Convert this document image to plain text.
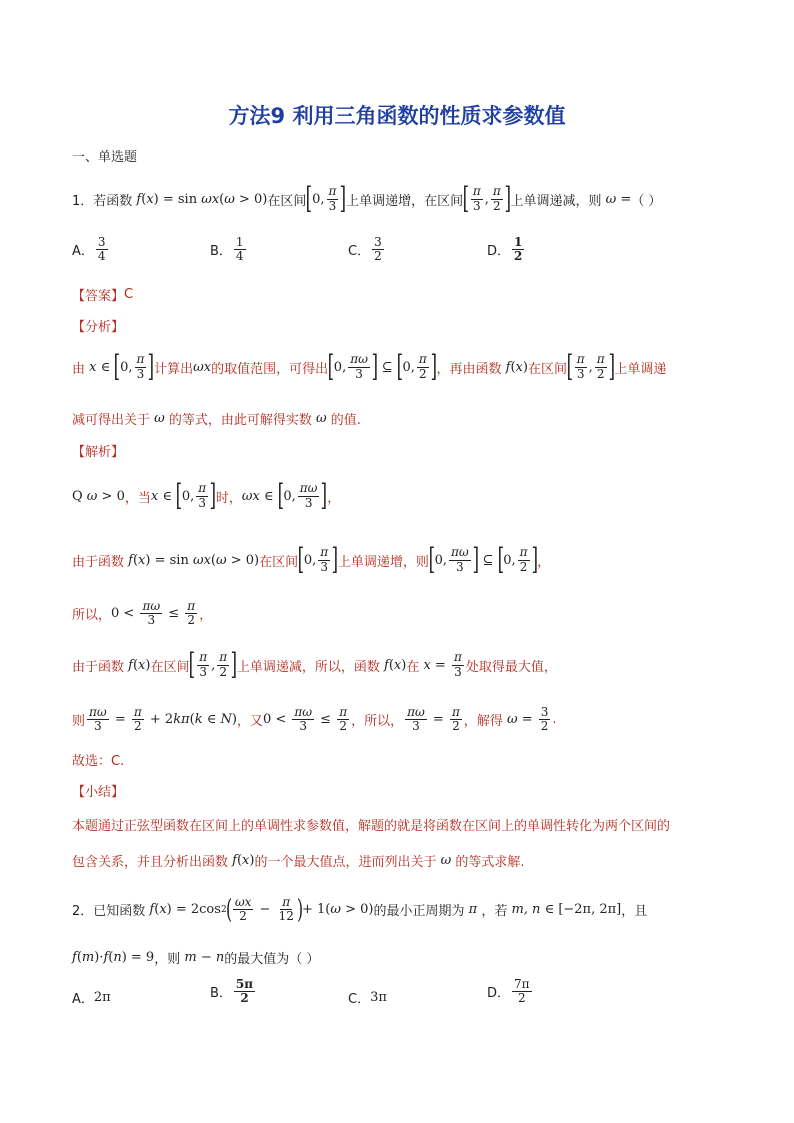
方法9 利用三角函数的性质求参数值
一、单选题
1．若函数 f ( x ) = sin ωx ( ω > 0) 在区间 [ 0, $\frac{\pi}{3}$ ] 上单调递增，在区间 [ $\frac{\pi}{3}$ , $\frac{\pi}{2}$ ] 上单调递减，则 ω = （ ）
A． $\frac{3}{4}$	B． $\frac{1}{4}$	C． $\frac{3}{2}$	D． $\frac{1}{2}$
【答案】 C
【分析】
由 x ∈ [ 0, $\frac{\pi}{3}$ ] 计算出 ωx 的取值范围，可得出 [ 0, $\frac{\pi\omega}{3}$ ] ⊆ [ 0, $\frac{\pi}{2}$ ] ，再由函数 f ( x ) 在区间 [ $\frac{\pi}{3}$ , $\frac{\pi}{2}$ ] 上单调递
减可得出关于 ω 的等式，由此可解得实数 ω 的值.
【解析】
Q ω > 0 ，当 x ∈ [ 0, $\frac{\pi}{3}$ ] 时， ωx ∈ [ 0, $\frac{\pi\omega}{3}$ ] ，
由于函数 f ( x ) = sin ωx ( ω > 0) 在区间 [ 0, $\frac{\pi}{3}$ ] 上单调递增，则 [ 0, $\frac{\pi\omega}{3}$ ] ⊆ [ 0, $\frac{\pi}{2}$ ] ，
所以， $0 < \frac{\pi\omega}{3} \le \frac{\pi}{2}$ ，
由于函数 f ( x ) 在区间 [ $\frac{\pi}{3}$ , $\frac{\pi}{2}$ ] 上单调递减，所以，函数 f ( x ) 在 $x = \frac{\pi}{3}$ 处取得最大值，
则 $\frac{\pi\omega}{3} = \frac{\pi}{2} + 2$ kπ ( k ∈ N ) ，又 $0 < \frac{\pi\omega}{3} \le \frac{\pi}{2}$ ，所以， $\frac{\pi\omega}{3} = \frac{\pi}{2}$ ，解得 $\omega = \frac{3}{2}$ .
故选：C.
【小结】
本题通过正弦型函数在区间上的单调性求参数值，解题的就是将函数在区间上的单调性转化为两个区间的
包含关系，并且分析出函数 f ( x ) 的一个最大值点，进而列出关于 ω 的等式求解.
2．已知函数 f ( x ) = 2cos 2 ( $\frac{\omega x}{2} - \frac{\pi}{12}$ ) + 1( ω > 0) 的最小正周期为 π ，若 m, n ∈ [−2π, 2π] ，且
f ( m )· f ( n ) = 9 ，则 m − n 的最大值为（ ）
A． 2π	B． $\frac{5\pi}{2}$	C． 3π	D． $\frac{7\pi}{2}$
